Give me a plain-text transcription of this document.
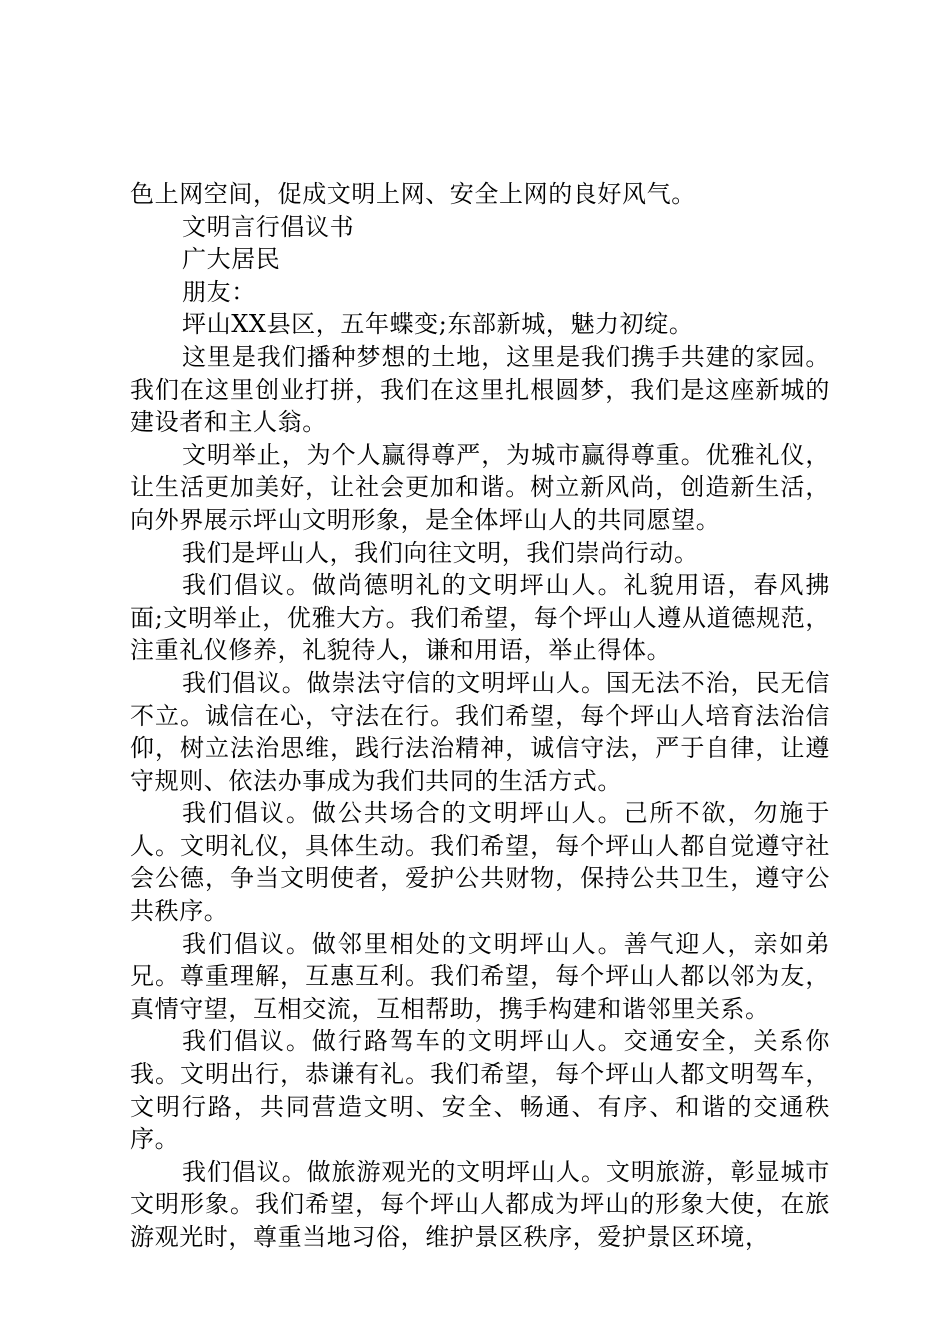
色上网空间，促成文明上网、安全上网的良好风气。

文明言行倡议书

广大居民

朋友：

坪山XX县区，五年蝶变;东部新城，魅力初绽。

这里是我们播种梦想的土地，这里是我们携手共建的家园。我们在这里创业打拼，我们在这里扎根圆梦，我们是这座新城的建设者和主人翁。

文明举止，为个人赢得尊严，为城市赢得尊重。优雅礼仪，让生活更加美好，让社会更加和谐。树立新风尚，创造新生活，向外界展示坪山文明形象，是全体坪山人的共同愿望。

我们是坪山人，我们向往文明，我们崇尚行动。

我们倡议。做尚德明礼的文明坪山人。礼貌用语，春风拂面;文明举止，优雅大方。我们希望，每个坪山人遵从道德规范，注重礼仪修养，礼貌待人，谦和用语，举止得体。

我们倡议。做崇法守信的文明坪山人。国无法不治，民无信不立。诚信在心，守法在行。我们希望，每个坪山人培育法治信仰，树立法治思维，践行法治精神，诚信守法，严于自律，让遵守规则、依法办事成为我们共同的生活方式。

我们倡议。做公共场合的文明坪山人。己所不欲，勿施于人。文明礼仪，具体生动。我们希望，每个坪山人都自觉遵守社会公德，争当文明使者，爱护公共财物，保持公共卫生，遵守公共秩序。

我们倡议。做邻里相处的文明坪山人。善气迎人，亲如弟兄。尊重理解，互惠互利。我们希望，每个坪山人都以邻为友，真情守望，互相交流，互相帮助，携手构建和谐邻里关系。

我们倡议。做行路驾车的文明坪山人。交通安全，关系你我。文明出行，恭谦有礼。我们希望，每个坪山人都文明驾车，文明行路，共同营造文明、安全、畅通、有序、和谐的交通秩序。

我们倡议。做旅游观光的文明坪山人。文明旅游，彰显城市文明形象。我们希望，每个坪山人都成为坪山的形象大使，在旅游观光时，尊重当地习俗，维护景区秩序，爱护景区环境，
